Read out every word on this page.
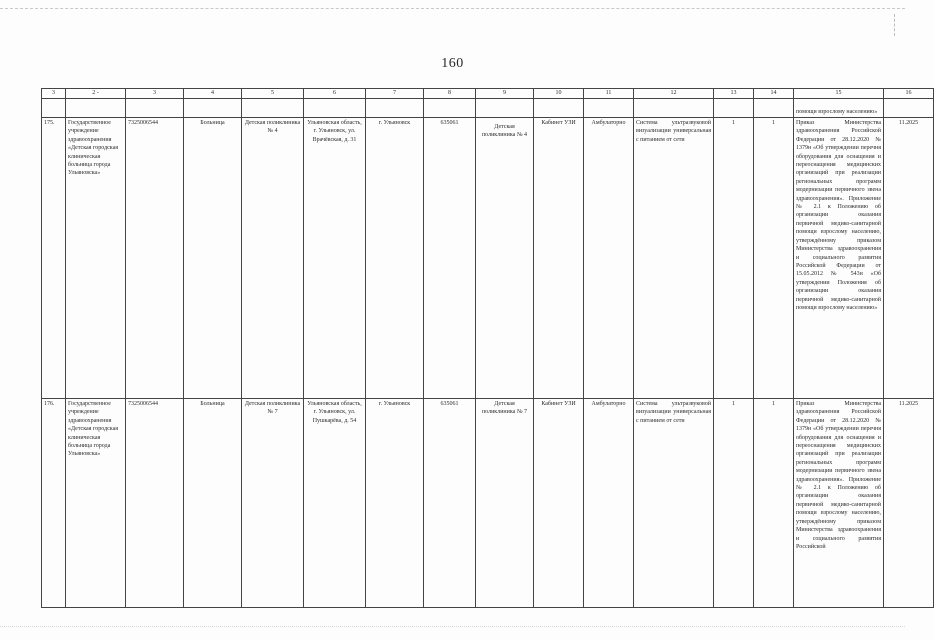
160
3	2 -	3	4	5	6	7	8	9	10	11	12	13	14	15	16
														помощи взрослому населению»	
175.	Государственное учреждение здравоохранения «Детская городская клиническая больница города Ульяновска»	7325006544	Больница	Детская поликлиника № 4	Ульяновская область, г. Ульяновск, ул. Врачёвская, д. 31	г. Ульяновск	635061	Детская поликлиника № 4	Кабинет УЗИ	Амбулаторно	Система ультразвуковой визуализации универсальная с питанием от сети	1	1	Приказ Министерства здравоохранения Российской Федерации от 28.12.2020 № 1379н «Об утверждении перечня оборудования для оснащения и переоснащения медицинских организаций при реализации региональных программ модернизации первичного звена здравоохранения». Приложение № 2.1 к Положению об организации оказания первичной медико-санитарной помощи взрослому населению, утверждённому приказом Министерства здравоохранения и социального развития Российской Федерации от 15.05.2012 № 543н «Об утверждении Положения об организации оказания первичной медико-санитарной помощи взрослому населению»	11.2025
176.	Государственное учреждение здравоохранения «Детская городская клиническая больница города Ульяновска»	7325006544	Больница	Детская поликлиника № 7	Ульяновская область, г. Ульяновск, ул. Пушкарёва, д. 54	г. Ульяновск	635061	Детская поликлиника № 7	Кабинет УЗИ	Амбулаторно	Система ультразвуковой визуализации универсальная с питанием от сети	1	1	Приказ Министерства здравоохранения Российской Федерации от 28.12.2020 № 1379н «Об утверждении перечня оборудования для оснащения и переоснащения медицинских организаций при реализации региональных программ модернизации первичного звена здравоохранения». Приложение № 2.1 к Положению об организации оказания первичной медико-санитарной помощи взрослому населению, утверждённому приказом Министерства здравоохранения и социального развития Российской	11.2025
